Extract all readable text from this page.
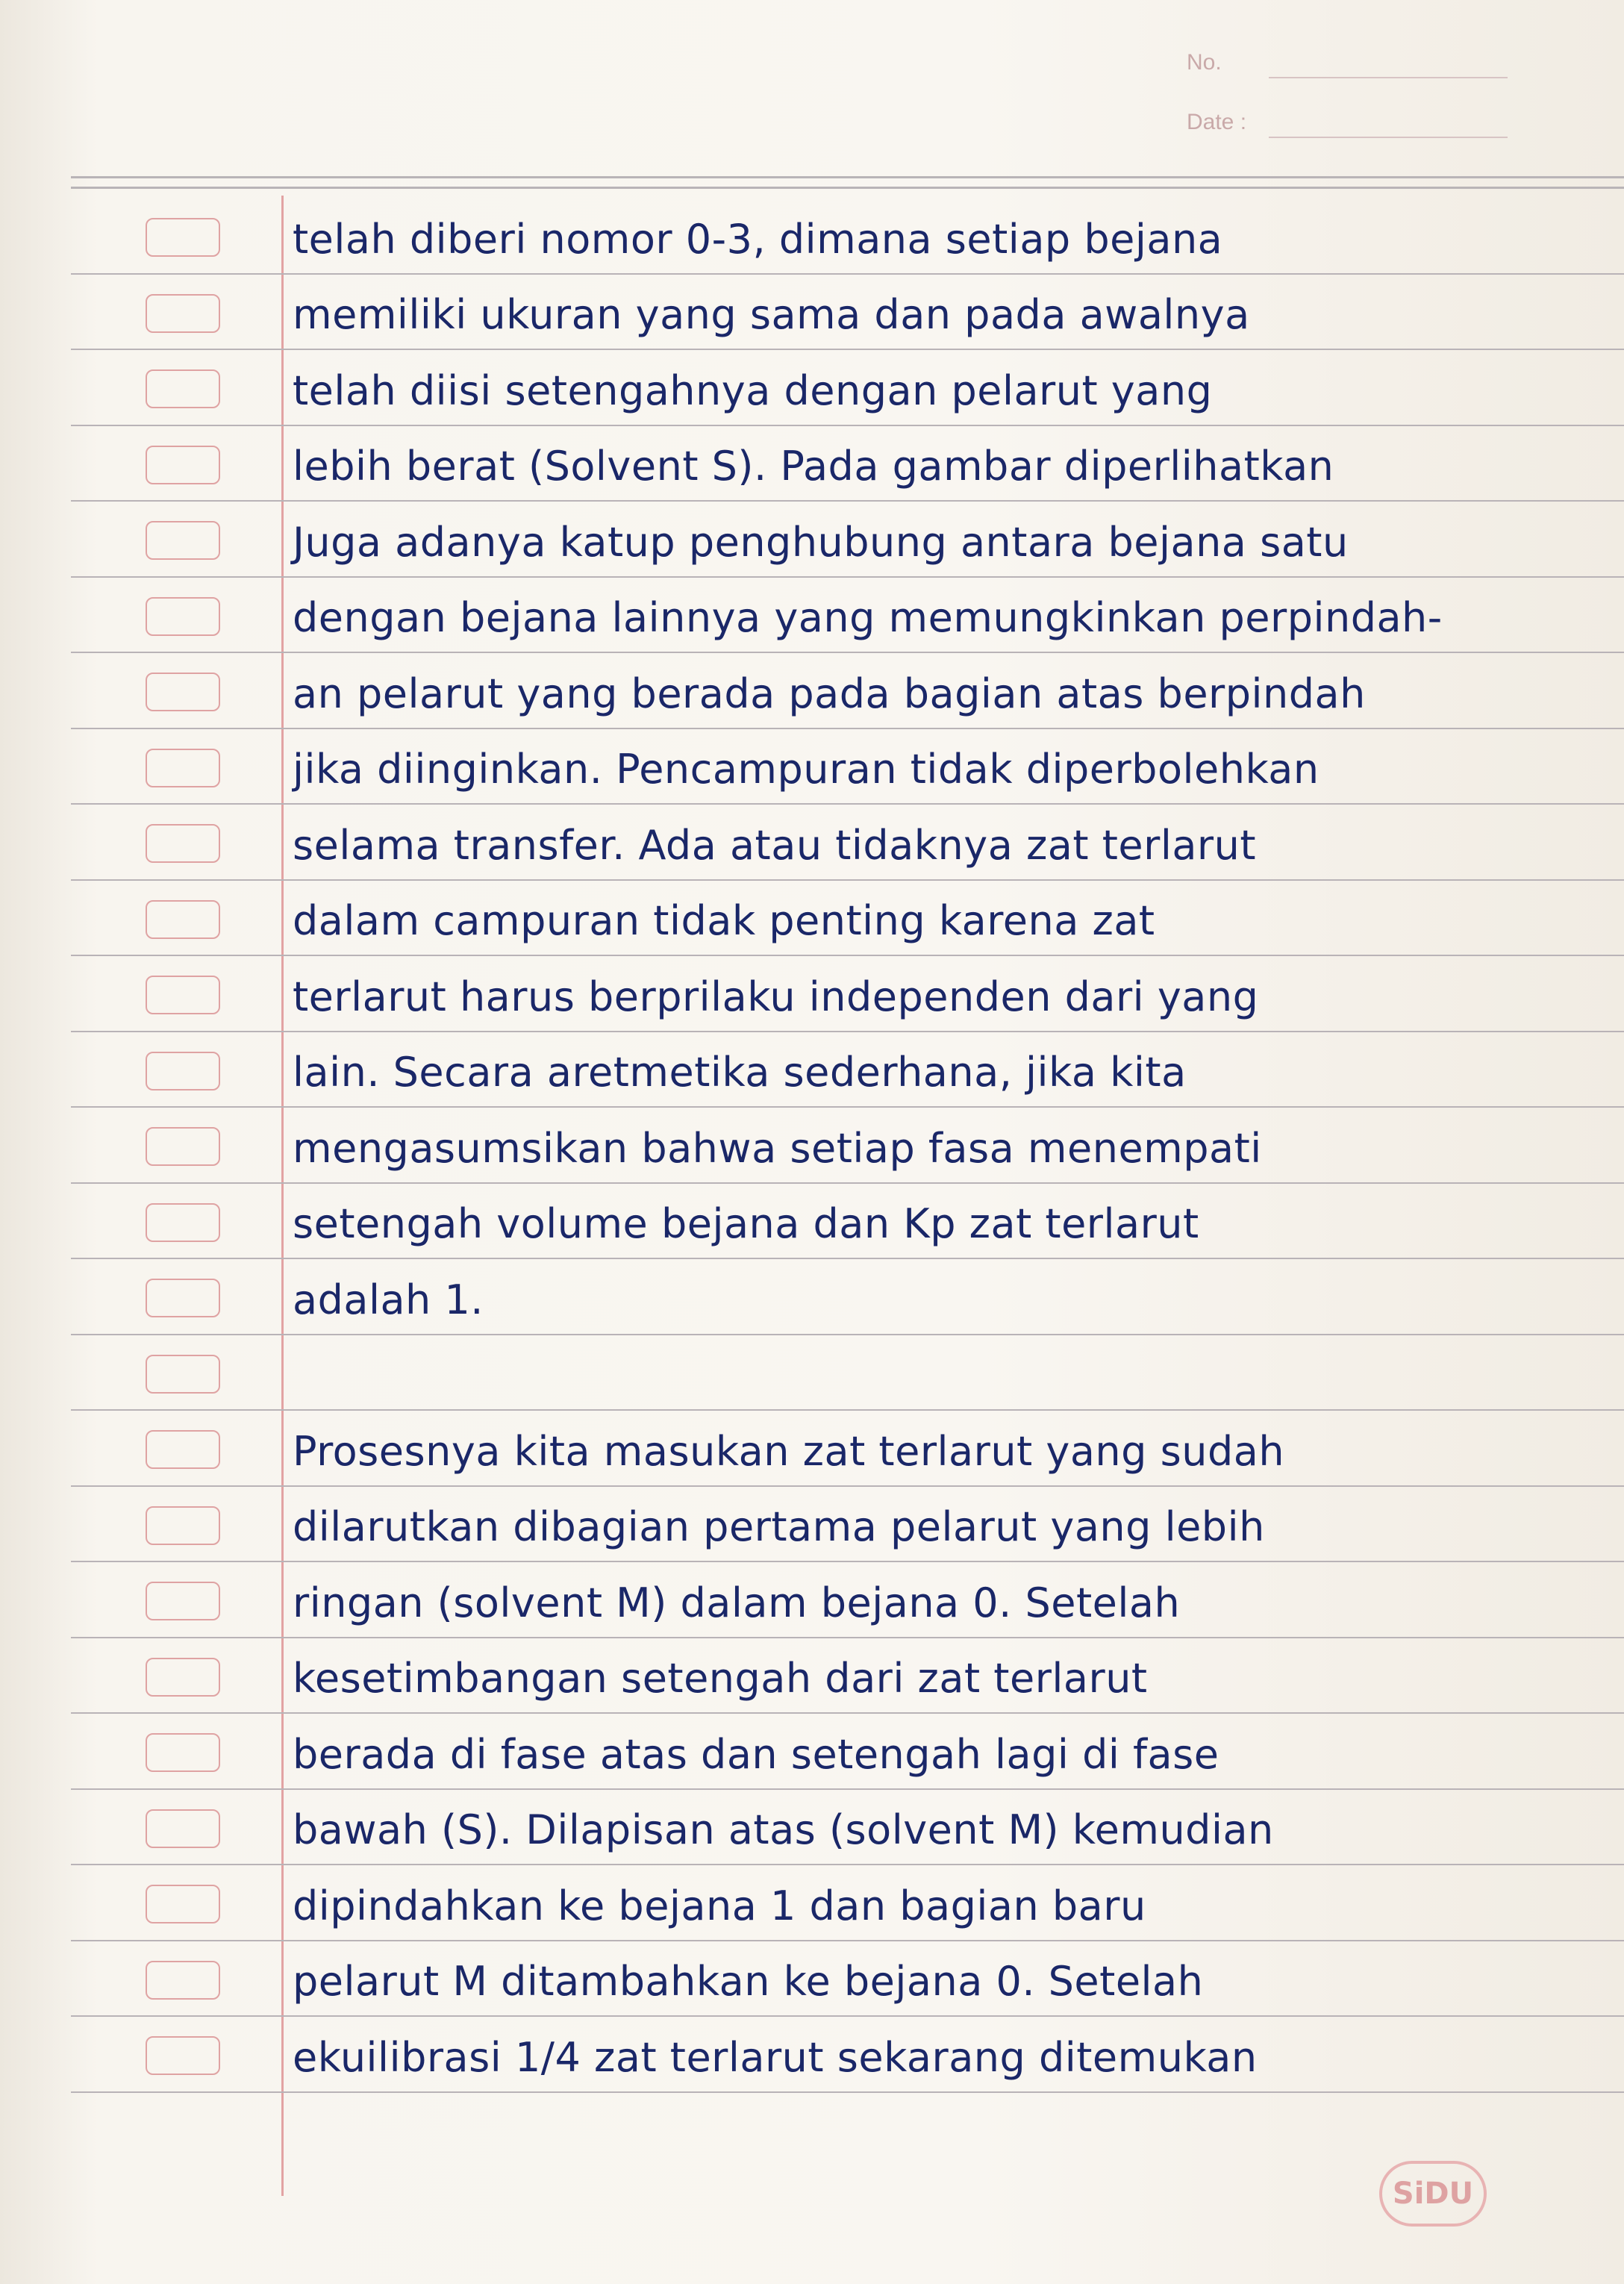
No.
Date :
telah diberi nomor 0-3, dimana setiap bejana
memiliki ukuran yang sama dan pada awalnya
telah diisi setengahnya dengan pelarut yang
lebih berat (Solvent S). Pada gambar diperlihatkan
Juga adanya katup penghubung antara bejana satu
dengan bejana lainnya yang memungkinkan perpindah-
an pelarut yang berada pada bagian atas berpindah
jika diinginkan. Pencampuran tidak diperbolehkan
selama transfer. Ada atau tidaknya zat terlarut
dalam campuran tidak penting karena zat
terlarut harus berprilaku independen dari yang
lain. Secara aretmetika sederhana, jika kita
mengasumsikan bahwa setiap fasa menempati
setengah volume bejana dan Kp zat terlarut
adalah 1.
Prosesnya kita masukan zat terlarut yang sudah
dilarutkan dibagian pertama pelarut yang lebih
ringan (solvent M) dalam bejana 0. Setelah
kesetimbangan setengah dari zat terlarut
berada di fase atas dan setengah lagi di fase
bawah (S). Dilapisan atas (solvent M) kemudian
dipindahkan ke bejana 1 dan bagian baru
pelarut M ditambahkan ke bejana 0. Setelah
ekuilibrasi 1/4 zat terlarut sekarang ditemukan
SiDU
